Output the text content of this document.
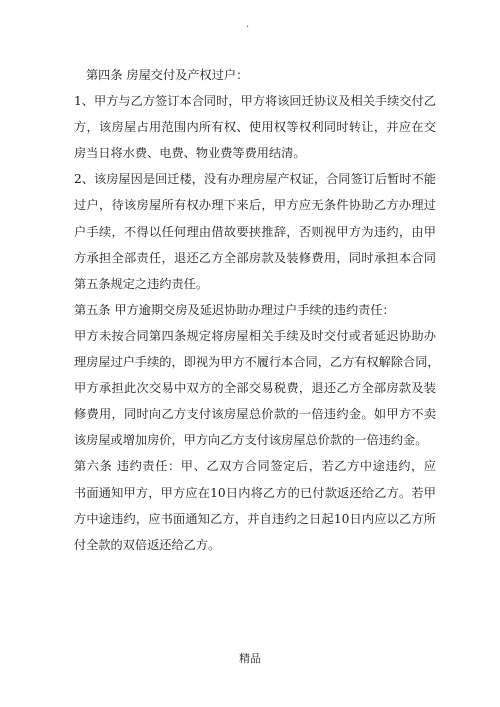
.
第四条 房屋交付及产权过户：
1、甲方与乙方签订本合同时，甲方将该回迁协议及相关手续交付乙
方，该房屋占用范围内所有权、使用权等权利同时转让，并应在交
房当日将水费、电费、物业费等费用结清。
2、该房屋因是回迁楼，没有办理房屋产权证，合同签订后暂时不能
过户，待该房屋所有权办理下来后，甲方应无条件协助乙方办理过
户手续，不得以任何理由借故要挟推辞，否则视甲方为违约，由甲
方承担全部责任，退还乙方全部房款及装修费用，同时承担本合同
第五条规定之违约责任。
第五条 甲方逾期交房及延迟协助办理过户手续的违约责任：
甲方未按合同第四条规定将房屋相关手续及时交付或者延迟协助办
理房屋过户手续的，即视为甲方不履行本合同，乙方有权解除合同，
甲方承担此次交易中双方的全部交易税费，退还乙方全部房款及装
修费用，同时向乙方支付该房屋总价款的一倍违约金。如甲方不卖
该房屋或增加房价，甲方向乙方支付该房屋总价款的一倍违约金。
第六条 违约责任：甲、乙双方合同签定后，若乙方中途违约，应
书面通知甲方，甲方应在10日内将乙方的已付款返还给乙方。若甲
方中途违约，应书面通知乙方，并自违约之日起10日内应以乙方所
付全款的双倍返还给乙方。
精品
